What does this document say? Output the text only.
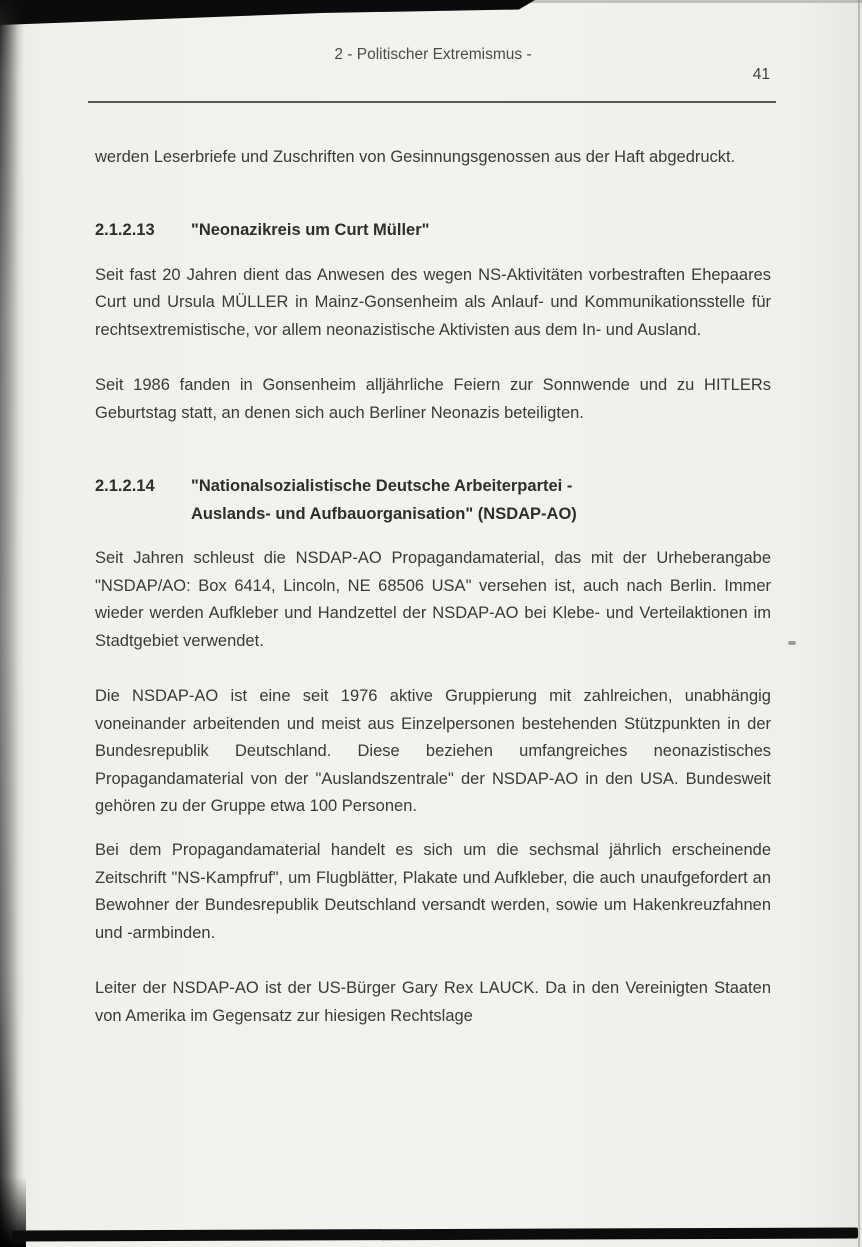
2 - Politischer Extremismus -
41

werden Leserbriefe und Zuschriften von Gesinnungsgenossen aus der Haft abgedruckt.

2.1.2.13	"Neonazikreis um Curt Müller"

Seit fast 20 Jahren dient das Anwesen des wegen NS-Aktivitäten vorbestraften Ehepaares Curt und Ursula MÜLLER in Mainz-Gonsenheim als Anlauf- und Kommunikationsstelle für rechtsextremistische, vor allem neonazistische Aktivisten aus dem In- und Ausland.

Seit 1986 fanden in Gonsenheim alljährliche Feiern zur Sonnwende und zu HITLERs Geburtstag statt, an denen sich auch Berliner Neonazis beteiligten.

2.1.2.14	"Nationalsozialistische Deutsche Arbeiterpartei -
Auslands- und Aufbauorganisation" (NSDAP-AO)

Seit Jahren schleust die NSDAP-AO Propagandamaterial, das mit der Urheberangabe "NSDAP/AO: Box 6414, Lincoln, NE 68506 USA" versehen ist, auch nach Berlin. Immer wieder werden Aufkleber und Handzettel der NSDAP-AO bei Klebe- und Verteilaktionen im Stadtgebiet verwendet.

Die NSDAP-AO ist eine seit 1976 aktive Gruppierung mit zahlreichen, unabhängig voneinander arbeitenden und meist aus Einzelpersonen bestehenden Stützpunkten in der Bundesrepublik Deutschland. Diese beziehen umfangreiches neonazistisches Propagandamaterial von der "Auslandszentrale" der NSDAP-AO in den USA. Bundesweit gehören zu der Gruppe etwa 100 Personen.

Bei dem Propagandamaterial handelt es sich um die sechsmal jährlich erscheinende Zeitschrift "NS-Kampfruf", um Flugblätter, Plakate und Aufkleber, die auch unaufgefordert an Bewohner der Bundesrepublik Deutschland versandt werden, sowie um Hakenkreuzfahnen und -armbinden.

Leiter der NSDAP-AO ist der US-Bürger Gary Rex LAUCK. Da in den Vereinigten Staaten von Amerika im Gegensatz zur hiesigen Rechtslage
